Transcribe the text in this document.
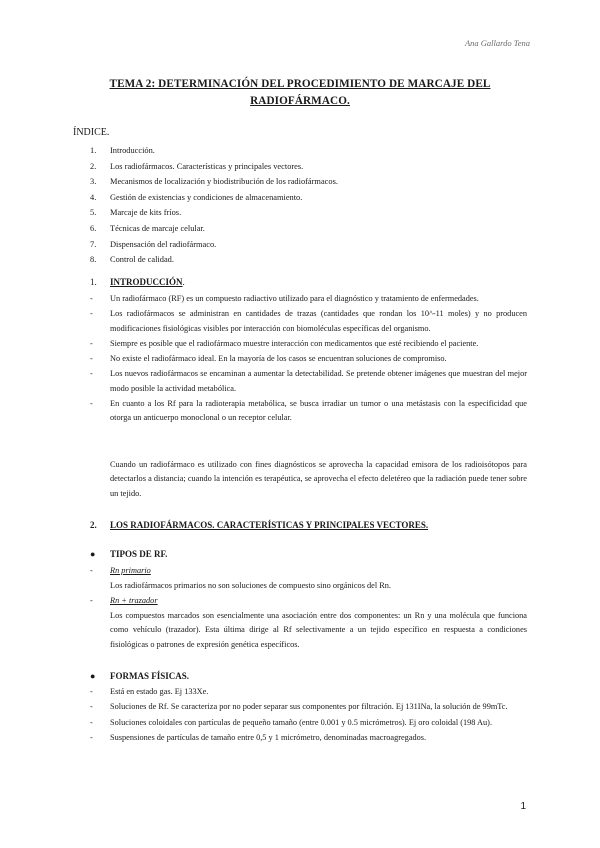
Ana Gallardo Tena
TEMA 2: DETERMINACIÓN DEL PROCEDIMIENTO DE MARCAJE DEL RADIOFÁRMACO.
ÍNDICE.
1. Introducción.
2. Los radiofármacos. Características y principales vectores.
3. Mecanismos de localización y biodistribución de los radiofármacos.
4. Gestión de existencias y condiciones de almacenamiento.
5. Marcaje de kits fríos.
6. Técnicas de marcaje celular.
7. Dispensación del radiofármaco.
8. Control de calidad.
1. INTRODUCCIÓN.
- Un radiofármaco (RF) es un compuesto radiactivo utilizado para el diagnóstico y tratamiento de enfermedades.
- Los radiofármacos se administran en cantidades de trazas (cantidades que rondan los 10^-11 moles) y no producen modificaciones fisiológicas visibles por interacción con biomoléculas específicas del organismo.
- Siempre es posible que el radiofármaco muestre interacción con medicamentos que esté recibiendo el paciente.
- No existe el radiofármaco ideal. En la mayoría de los casos se encuentran soluciones de compromiso.
- Los nuevos radiofármacos se encaminan a aumentar la detectabilidad. Se pretende obtener imágenes que muestran del mejor modo posible la actividad metabólica.
- En cuanto a los Rf para la radioterapia metabólica, se busca irradiar un tumor o una metástasis con la especificidad que otorga un anticuerpo monoclonal o un receptor celular.
Cuando un radiofármaco es utilizado con fines diagnósticos se aprovecha la capacidad emisora de los radioisótopos para detectarlos a distancia; cuando la intención es terapéutica, se aprovecha el efecto deletéreo que la radiación puede tener sobre un tejido.
2. LOS RADIOFÁRMACOS. CARACTERÍSTICAS Y PRINCIPALES VECTORES.
● TIPOS DE RF.
- Rn primario
Los radiofármacos primarios no son soluciones de compuesto sino orgánicos del Rn.
- Rn + trazador
Los compuestos marcados son esencialmente una asociación entre dos componentes: un Rn y una molécula que funciona como vehículo (trazador). Esta última dirige al Rf selectivamente a un tejido específico en respuesta a condiciones fisiológicas o patrones de expresión genética específicos.
● FORMAS FÍSICAS.
- Está en estado gas. Ej 133Xe.
- Soluciones de Rf. Se caracteriza por no poder separar sus componentes por filtración. Ej 131INa, la solución de 99mTc.
- Soluciones coloidales con partículas de pequeño tamaño (entre 0.001 y 0.5 micrómetros). Ej oro coloidal (198 Au).
- Suspensiones de partículas de tamaño entre 0,5 y 1 micrómetro, denominadas macroagregados.
1
